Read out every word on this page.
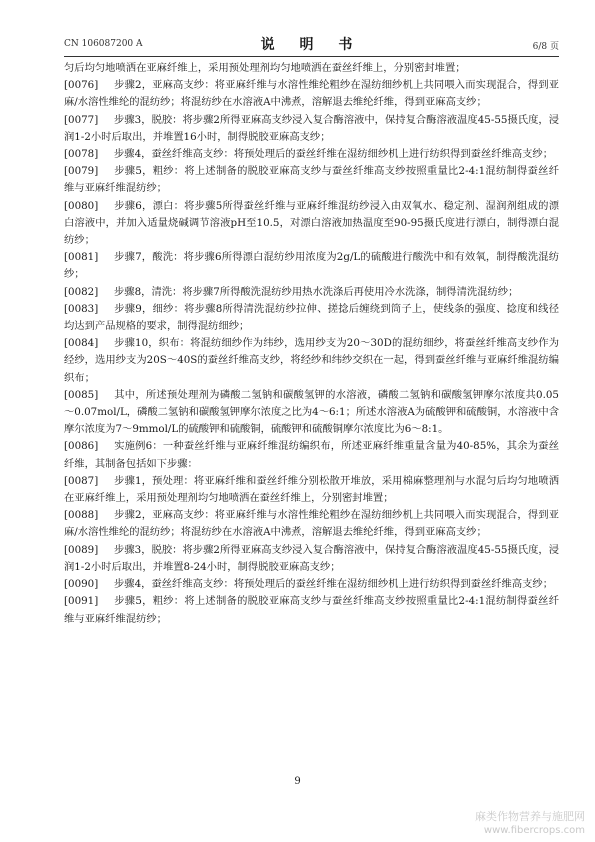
CN 106087200 A	说 明 书	6/8 页

匀后均匀地喷洒在亚麻纤维上，采用预处理剂均匀地喷洒在蚕丝纤维上，分别密封堆置；

[0076] 步骤2，亚麻高支纱：将亚麻纤维与水溶性维纶粗纱在湿纺细纱机上共同喂入而实现混合，得到亚麻/水溶性维纶的混纺纱；将混纺纱在水溶液A中沸煮，溶解退去维纶纤维，得到亚麻高支纱；

[0077] 步骤3，脱胶：将步骤2所得亚麻高支纱浸入复合酶溶液中，保持复合酶溶液温度45-55摄氏度，浸润1-2小时后取出，并堆置16小时，制得脱胶亚麻高支纱；

[0078] 步骤4，蚕丝纤维高支纱：将预处理后的蚕丝纤维在湿纺细纱机上进行纺织得到蚕丝纤维高支纱；

[0079] 步骤5，粗纱：将上述制备的脱胶亚麻高支纱与蚕丝纤维高支纱按照重量比2-4:1混纺制得蚕丝纤维与亚麻纤维混纺纱；

[0080] 步骤6，漂白：将步骤5所得蚕丝纤维与亚麻纤维混纺纱浸入由双氧水、稳定剂、湿润剂组成的漂白溶液中，并加入适量烧碱调节溶液pH至10.5，对漂白溶液加热温度至90-95摄氏度进行漂白，制得漂白混纺纱；

[0081] 步骤7，酸洗：将步骤6所得漂白混纺纱用浓度为2g/L的硫酸进行酸洗中和有效氧，制得酸洗混纺纱；

[0082] 步骤8，清洗：将步骤7所得酸洗混纺纱用热水洗涤后再使用冷水洗涤，制得清洗混纺纱；

[0083] 步骤9，细纱：将步骤8所得清洗混纺纱拉伸、搓捻后缠绕到筒子上，使线条的强度、捻度和线径均达到产品规格的要求，制得混纺细纱；

[0084] 步骤10，织布：将混纺细纱作为纬纱，选用纱支为20～30D的混纺细纱，将蚕丝纤维高支纱作为经纱，选用纱支为20S～40S的蚕丝纤维高支纱，将经纱和纬纱交织在一起，得到蚕丝纤维与亚麻纤维混纺编织布；

[0085] 其中，所述预处理剂为磷酸二氢钠和碳酸氢钾的水溶液，磷酸二氢钠和碳酸氢钾摩尔浓度共0.05～0.07mol/L，磷酸二氢钠和碳酸氢钾摩尔浓度之比为4～6:1；所述水溶液A为硫酸钾和硫酸铜，水溶液中含摩尔浓度为7～9mmol/L的硫酸钾和硫酸铜，硫酸钾和硫酸铜摩尔浓度比为6～8:1。

[0086] 实施例6：一种蚕丝纤维与亚麻纤维混纺编织布，所述亚麻纤维重量含量为40-85%，其余为蚕丝纤维，其制备包括如下步骤：

[0087] 步骤1，预处理：将亚麻纤维和蚕丝纤维分别松散开堆放，采用棉麻整理剂与水混匀后均匀地喷洒在亚麻纤维上，采用预处理剂均匀地喷洒在蚕丝纤维上，分别密封堆置；

[0088] 步骤2，亚麻高支纱：将亚麻纤维与水溶性维纶粗纱在湿纺细纱机上共同喂入而实现混合，得到亚麻/水溶性维纶的混纺纱；将混纺纱在水溶液A中沸煮，溶解退去维纶纤维，得到亚麻高支纱；

[0089] 步骤3，脱胶：将步骤2所得亚麻高支纱浸入复合酶溶液中，保持复合酶溶液温度45-55摄氏度，浸润1-2小时后取出，并堆置8-24小时，制得脱胶亚麻高支纱；

[0090] 步骤4，蚕丝纤维高支纱：将预处理后的蚕丝纤维在湿纺细纱机上进行纺织得到蚕丝纤维高支纱；

[0091] 步骤5，粗纱：将上述制备的脱胶亚麻高支纱与蚕丝纤维高支纱按照重量比2-4:1混纺制得蚕丝纤维与亚麻纤维混纺纱；

9
麻类作物营养与施肥网
www.fibercrops.com
